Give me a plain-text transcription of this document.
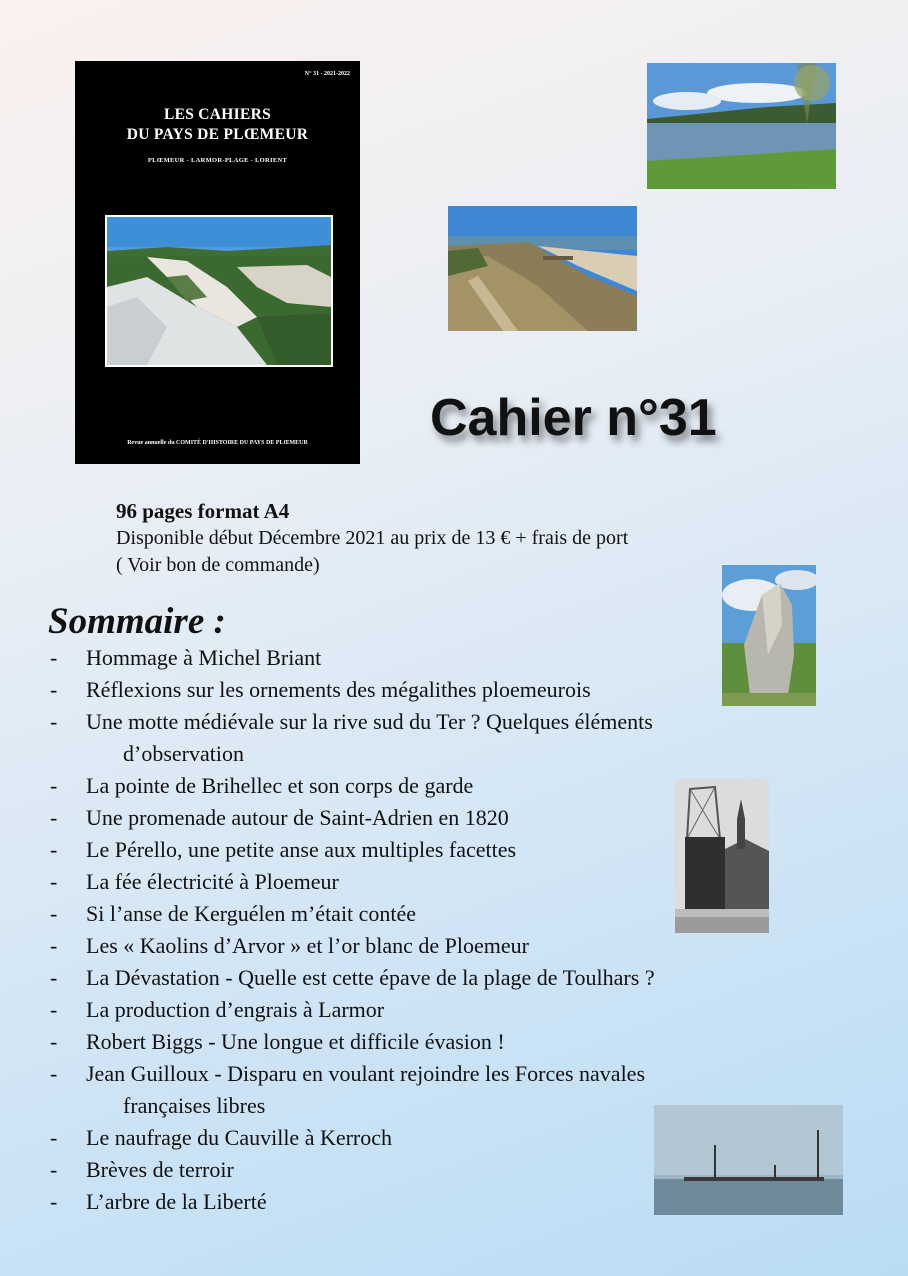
N° 31 - 2021-2022
LES CAHIERS
DU PAYS DE PLŒMEUR
PLŒMEUR - LARMOR-PLAGE - LORIENT
Revue annuelle du COMITÉ D'HISTOIRE DU PAYS DE PLŒMEUR	Cahier n°31
96 pages format A4
Disponible début Décembre 2021 au prix de 13 € + frais de port
( Voir bon de commande)
Sommaire :
- Hommage à Michel Briant
- Réflexions sur les ornements des mégalithes ploemeurois
- Une motte médiévale sur la rive sud du Ter ? Quelques éléments
d’observation
- La pointe de Brihellec et son corps de garde
- Une promenade autour de Saint-Adrien en 1820
- Le Pérello, une petite anse aux multiples facettes
- La fée électricité à Ploemeur
- Si l’anse de Kerguélen m’était contée
- Les « Kaolins d’Arvor » et l’or blanc de Ploemeur
- La Dévastation - Quelle est cette épave de la plage de Toulhars ?
- La production d’engrais à Larmor
- Robert Biggs - Une longue et difficile évasion !
- Jean Guilloux - Disparu en voulant rejoindre les Forces navales
françaises libres
- Le naufrage du Cauville à Kerroch
- Brèves de terroir
- L’arbre de la Liberté
